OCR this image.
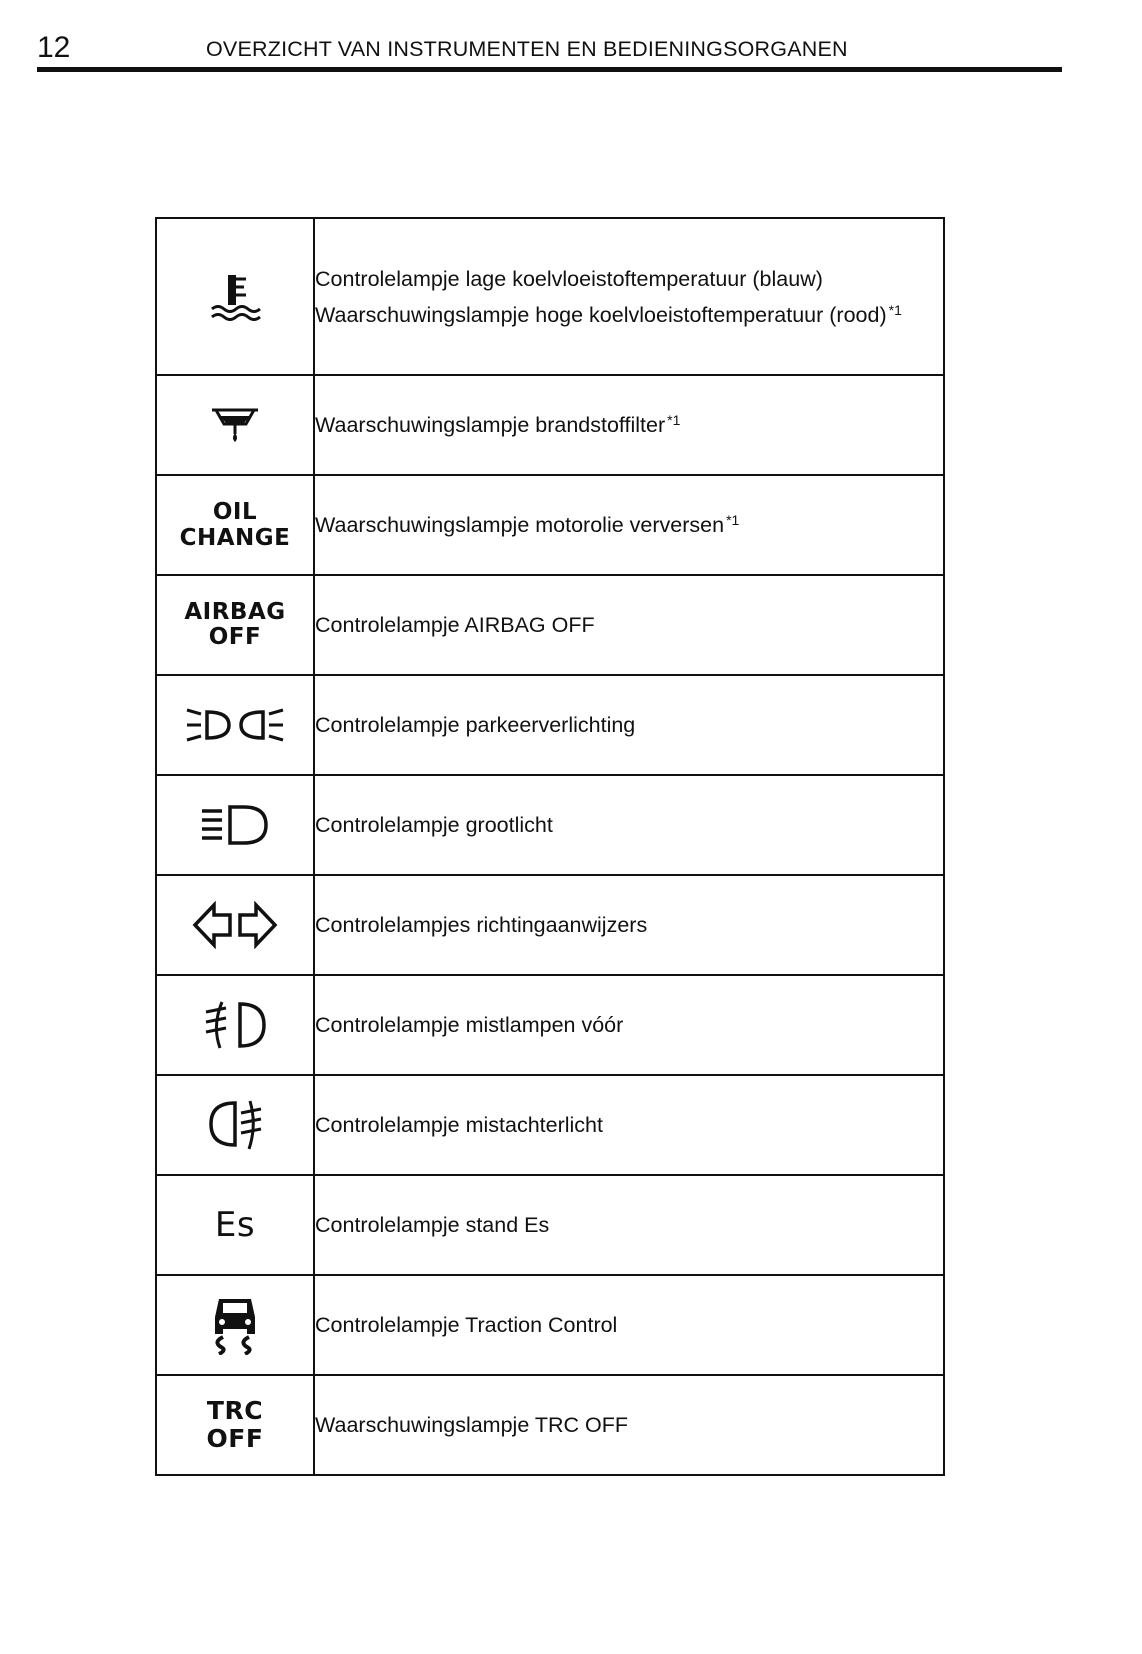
12	OVERZICHT VAN INSTRUMENTEN EN BEDIENINGSORGANEN

Controlelampje lage koelvloeistoftemperatuur (blauw)

Waarschuwingslampje hoge koelvloeistoftemperatuur (rood) $^{*1}$

Waarschuwingslampje brandstoffilter $^{*1}$

OIL
CHANGE	Waarschuwingslampje motorolie verversen $^{*1}$

AIRBAG
OFF	Controlelampje AIRBAG OFF

Controlelampje parkeerverlichting

Controlelampje grootlicht

Controlelampjes richtingaanwijzers

Controlelampje mistlampen vóór

Controlelampje mistachterlicht

Es	Controlelampje stand Es

Controlelampje Traction Control

TRC
OFF	Waarschuwingslampje TRC OFF
